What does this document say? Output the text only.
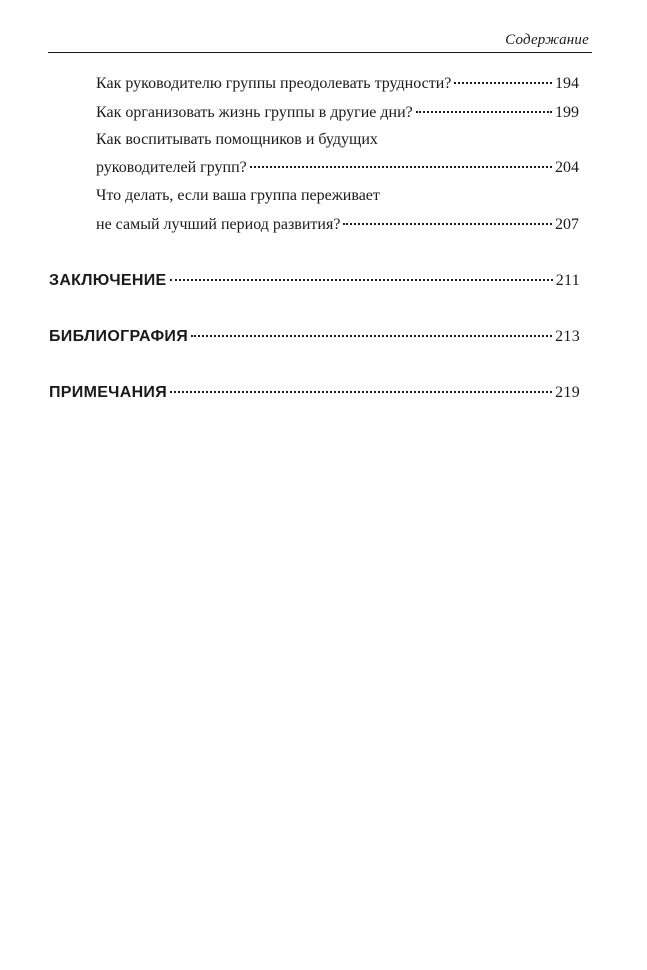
Содержание
Как руководителю группы преодолевать трудности?	194
Как организовать жизнь группы в другие дни?	199
Как воспитывать помощников и будущих
руководителей групп?	204
Что делать, если ваша группа переживает
не самый лучший период развития?	207
ЗАКЛЮЧЕНИЕ	211
БИБЛИОГРАФИЯ	213
ПРИМЕЧАНИЯ	219
